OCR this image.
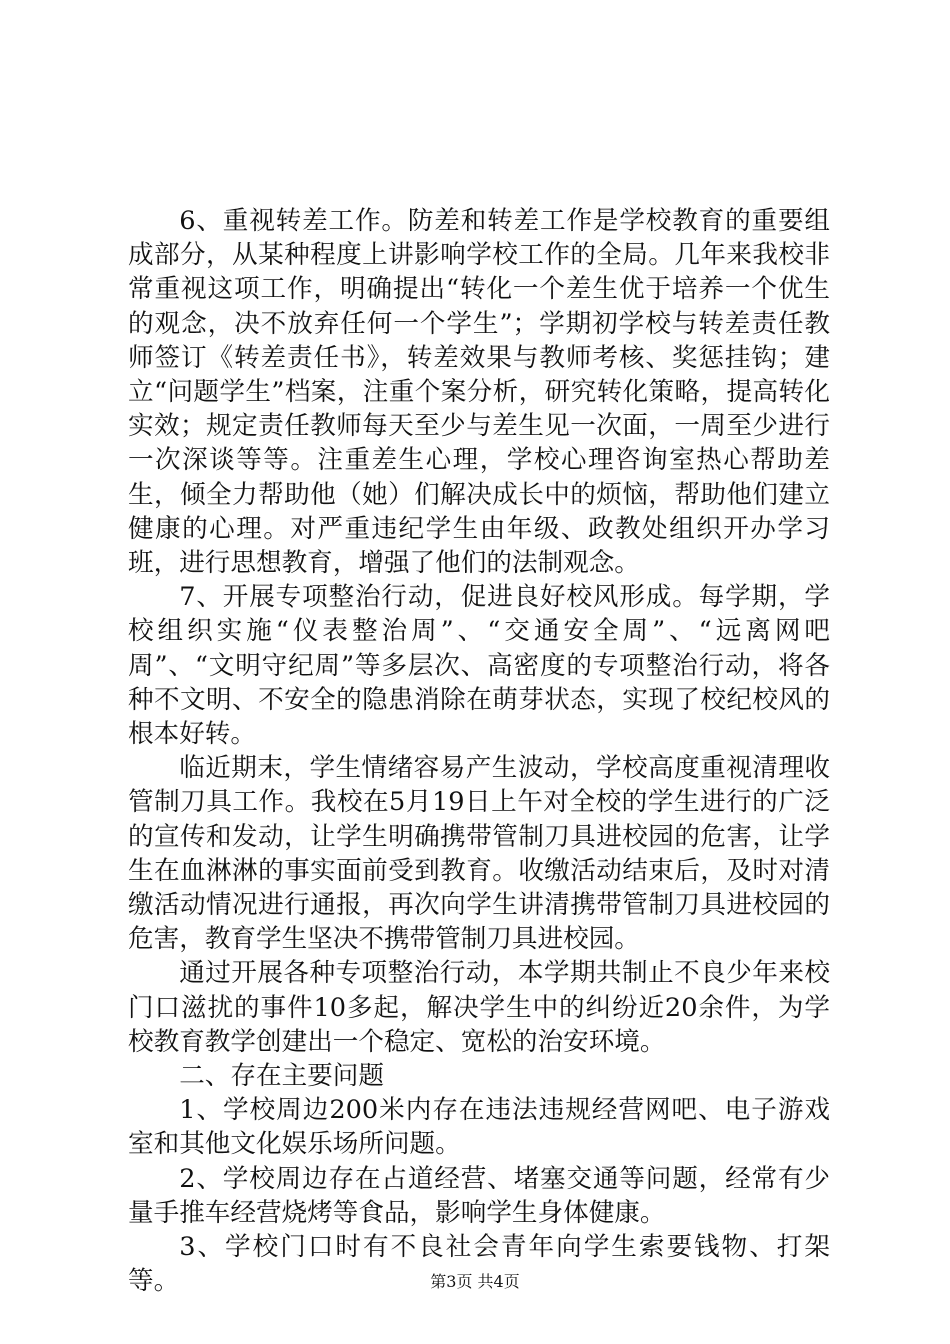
6、重视转差工作。防差和转差工作是学校教育的重要组成部分，从某种程度上讲影响学校工作的全局。几年来我校非常重视这项工作，明确提出“转化一个差生优于培养一个优生的观念，决不放弃任何一个学生”；学期初学校与转差责任教师签订《转差责任书》，转差效果与教师考核、奖惩挂钩；建立“问题学生”档案，注重个案分析，研究转化策略，提高转化实效；规定责任教师每天至少与差生见一次面，一周至少进行一次深谈等等。注重差生心理，学校心理咨询室热心帮助差生，倾全力帮助他（她）们解决成长中的烦恼，帮助他们建立健康的心理。对严重违纪学生由年级、政教处组织开办学习班，进行思想教育，增强了他们的法制观念。

7、开展专项整治行动，促进良好校风形成。每学期，学校组织实施“仪表整治周”、“交通安全周”、“远离网吧周”、“文明守纪周”等多层次、高密度的专项整治行动，将各种不文明、不安全的隐患消除在萌芽状态，实现了校纪校风的根本好转。

临近期末，学生情绪容易产生波动，学校高度重视清理收管制刀具工作。我校在5月19日上午对全校的学生进行的广泛的宣传和发动，让学生明确携带管制刀具进校园的危害，让学生在血淋淋的事实面前受到教育。收缴活动结束后，及时对清缴活动情况进行通报，再次向学生讲清携带管制刀具进校园的危害，教育学生坚决不携带管制刀具进校园。

通过开展各种专项整治行动，本学期共制止不良少年来校门口滋扰的事件10多起，解决学生中的纠纷近20余件，为学校教育教学创建出一个稳定、宽松的治安环境。

二、存在主要问题

1、学校周边200米内存在违法违规经营网吧、电子游戏室和其他文化娱乐场所问题。

2、学校周边存在占道经营、堵塞交通等问题，经常有少量手推车经营烧烤等食品，影响学生身体健康。

3、学校门口时有不良社会青年向学生索要钱物、打架等。	第3页 共4页
